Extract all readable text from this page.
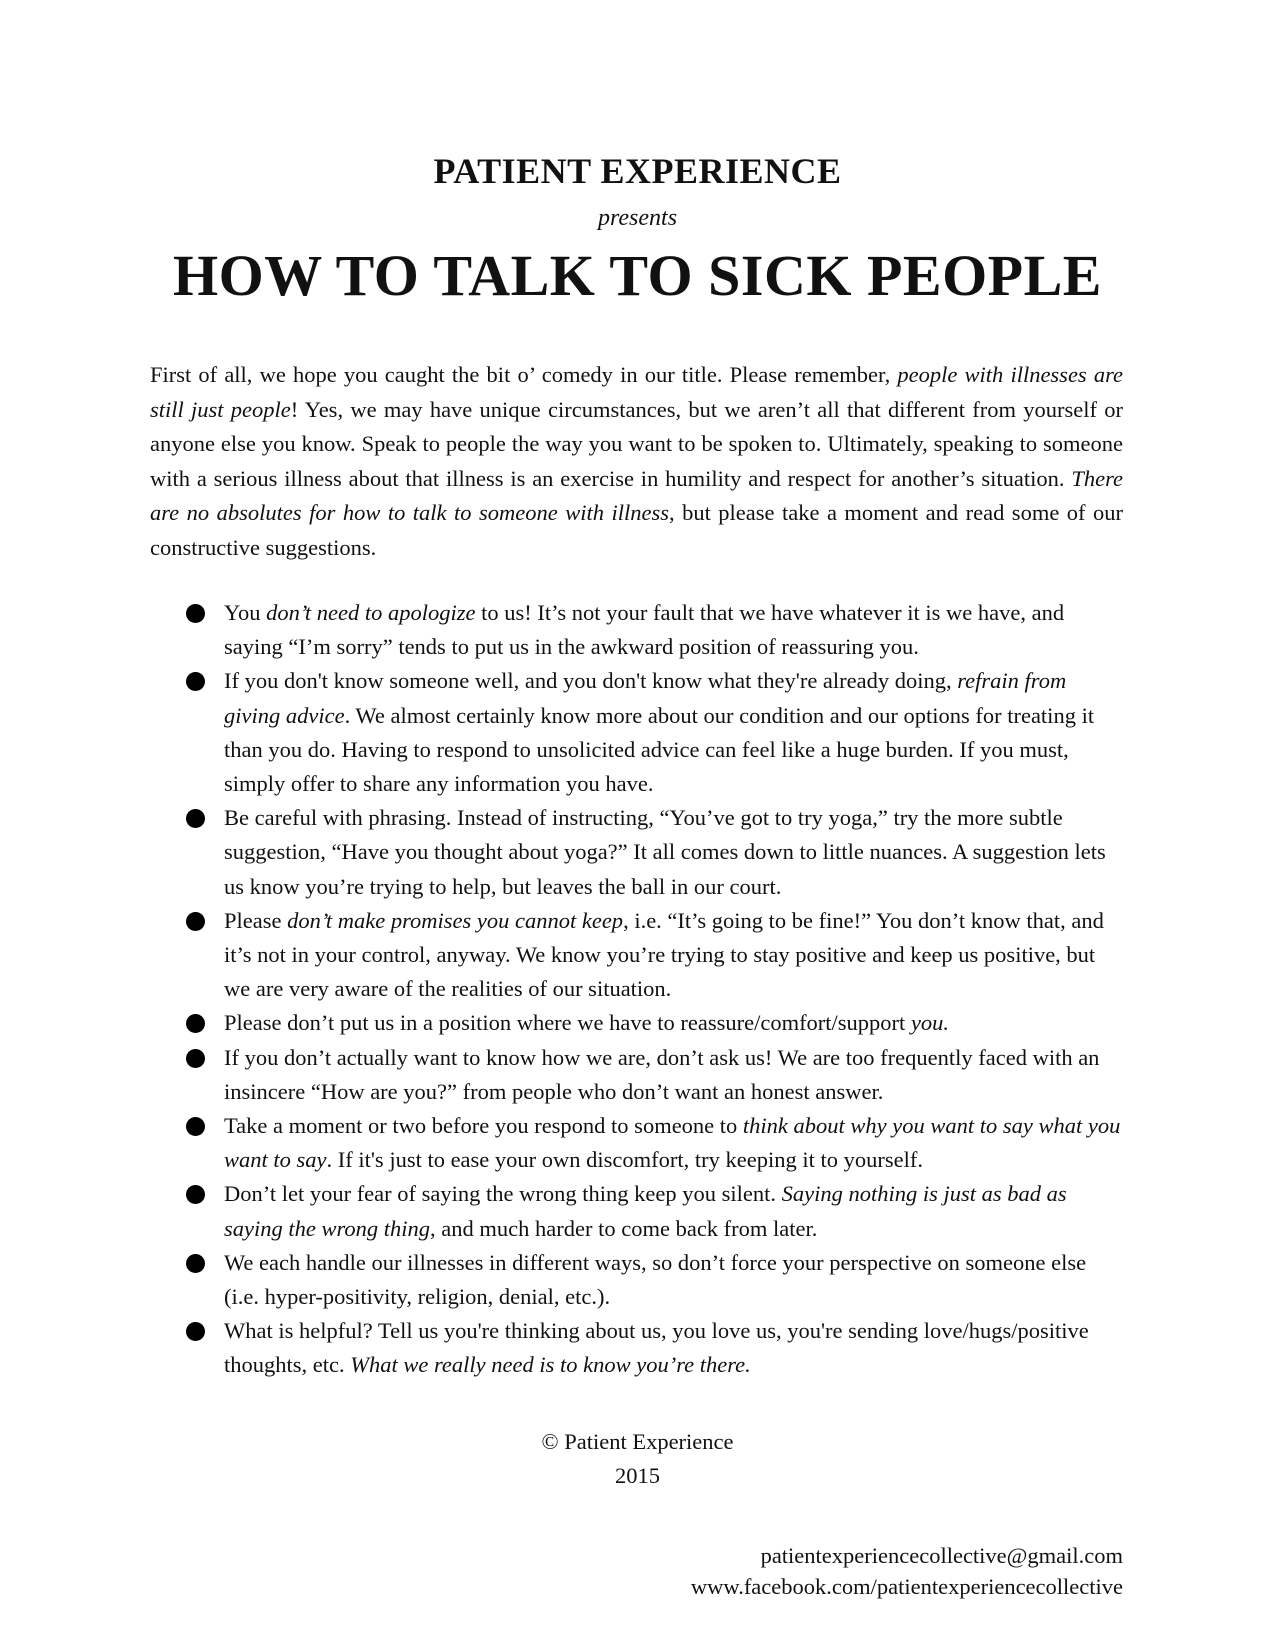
PATIENT EXPERIENCE
presents
HOW TO TALK TO SICK PEOPLE

First of all, we hope you caught the bit o’ comedy in our title. Please remember, people with illnesses are still just people! Yes, we may have unique circumstances, but we aren’t all that different from yourself or anyone else you know. Speak to people the way you want to be spoken to. Ultimately, speaking to someone with a serious illness about that illness is an exercise in humility and respect for another’s situation. There are no absolutes for how to talk to someone with illness, but please take a moment and read some of our constructive suggestions.

You don’t need to apologize to us! It’s not your fault that we have whatever it is we have, and saying “I’m sorry” tends to put us in the awkward position of reassuring you.
If you don't know someone well, and you don't know what they're already doing, refrain from giving advice. We almost certainly know more about our condition and our options for treating it than you do. Having to respond to unsolicited advice can feel like a huge burden. If you must, simply offer to share any information you have.
Be careful with phrasing. Instead of instructing, “You’ve got to try yoga,” try the more subtle suggestion, “Have you thought about yoga?” It all comes down to little nuances. A suggestion lets us know you’re trying to help, but leaves the ball in our court.
Please don’t make promises you cannot keep, i.e. “It’s going to be fine!” You don’t know that, and it’s not in your control, anyway. We know you’re trying to stay positive and keep us positive, but we are very aware of the realities of our situation.
Please don’t put us in a position where we have to reassure/comfort/support you.
If you don’t actually want to know how we are, don’t ask us! We are too frequently faced with an insincere “How are you?” from people who don’t want an honest answer.
Take a moment or two before you respond to someone to think about why you want to say what you want to say. If it's just to ease your own discomfort, try keeping it to yourself.
Don’t let your fear of saying the wrong thing keep you silent. Saying nothing is just as bad as saying the wrong thing, and much harder to come back from later.
We each handle our illnesses in different ways, so don’t force your perspective on someone else (i.e. hyper-positivity, religion, denial, etc.).
What is helpful? Tell us you're thinking about us, you love us, you're sending love/hugs/positive thoughts, etc. What we really need is to know you’re there.
© Patient Experience
2015
patientexperiencecollective@gmail.com
www.facebook.com/patientexperiencecollective
